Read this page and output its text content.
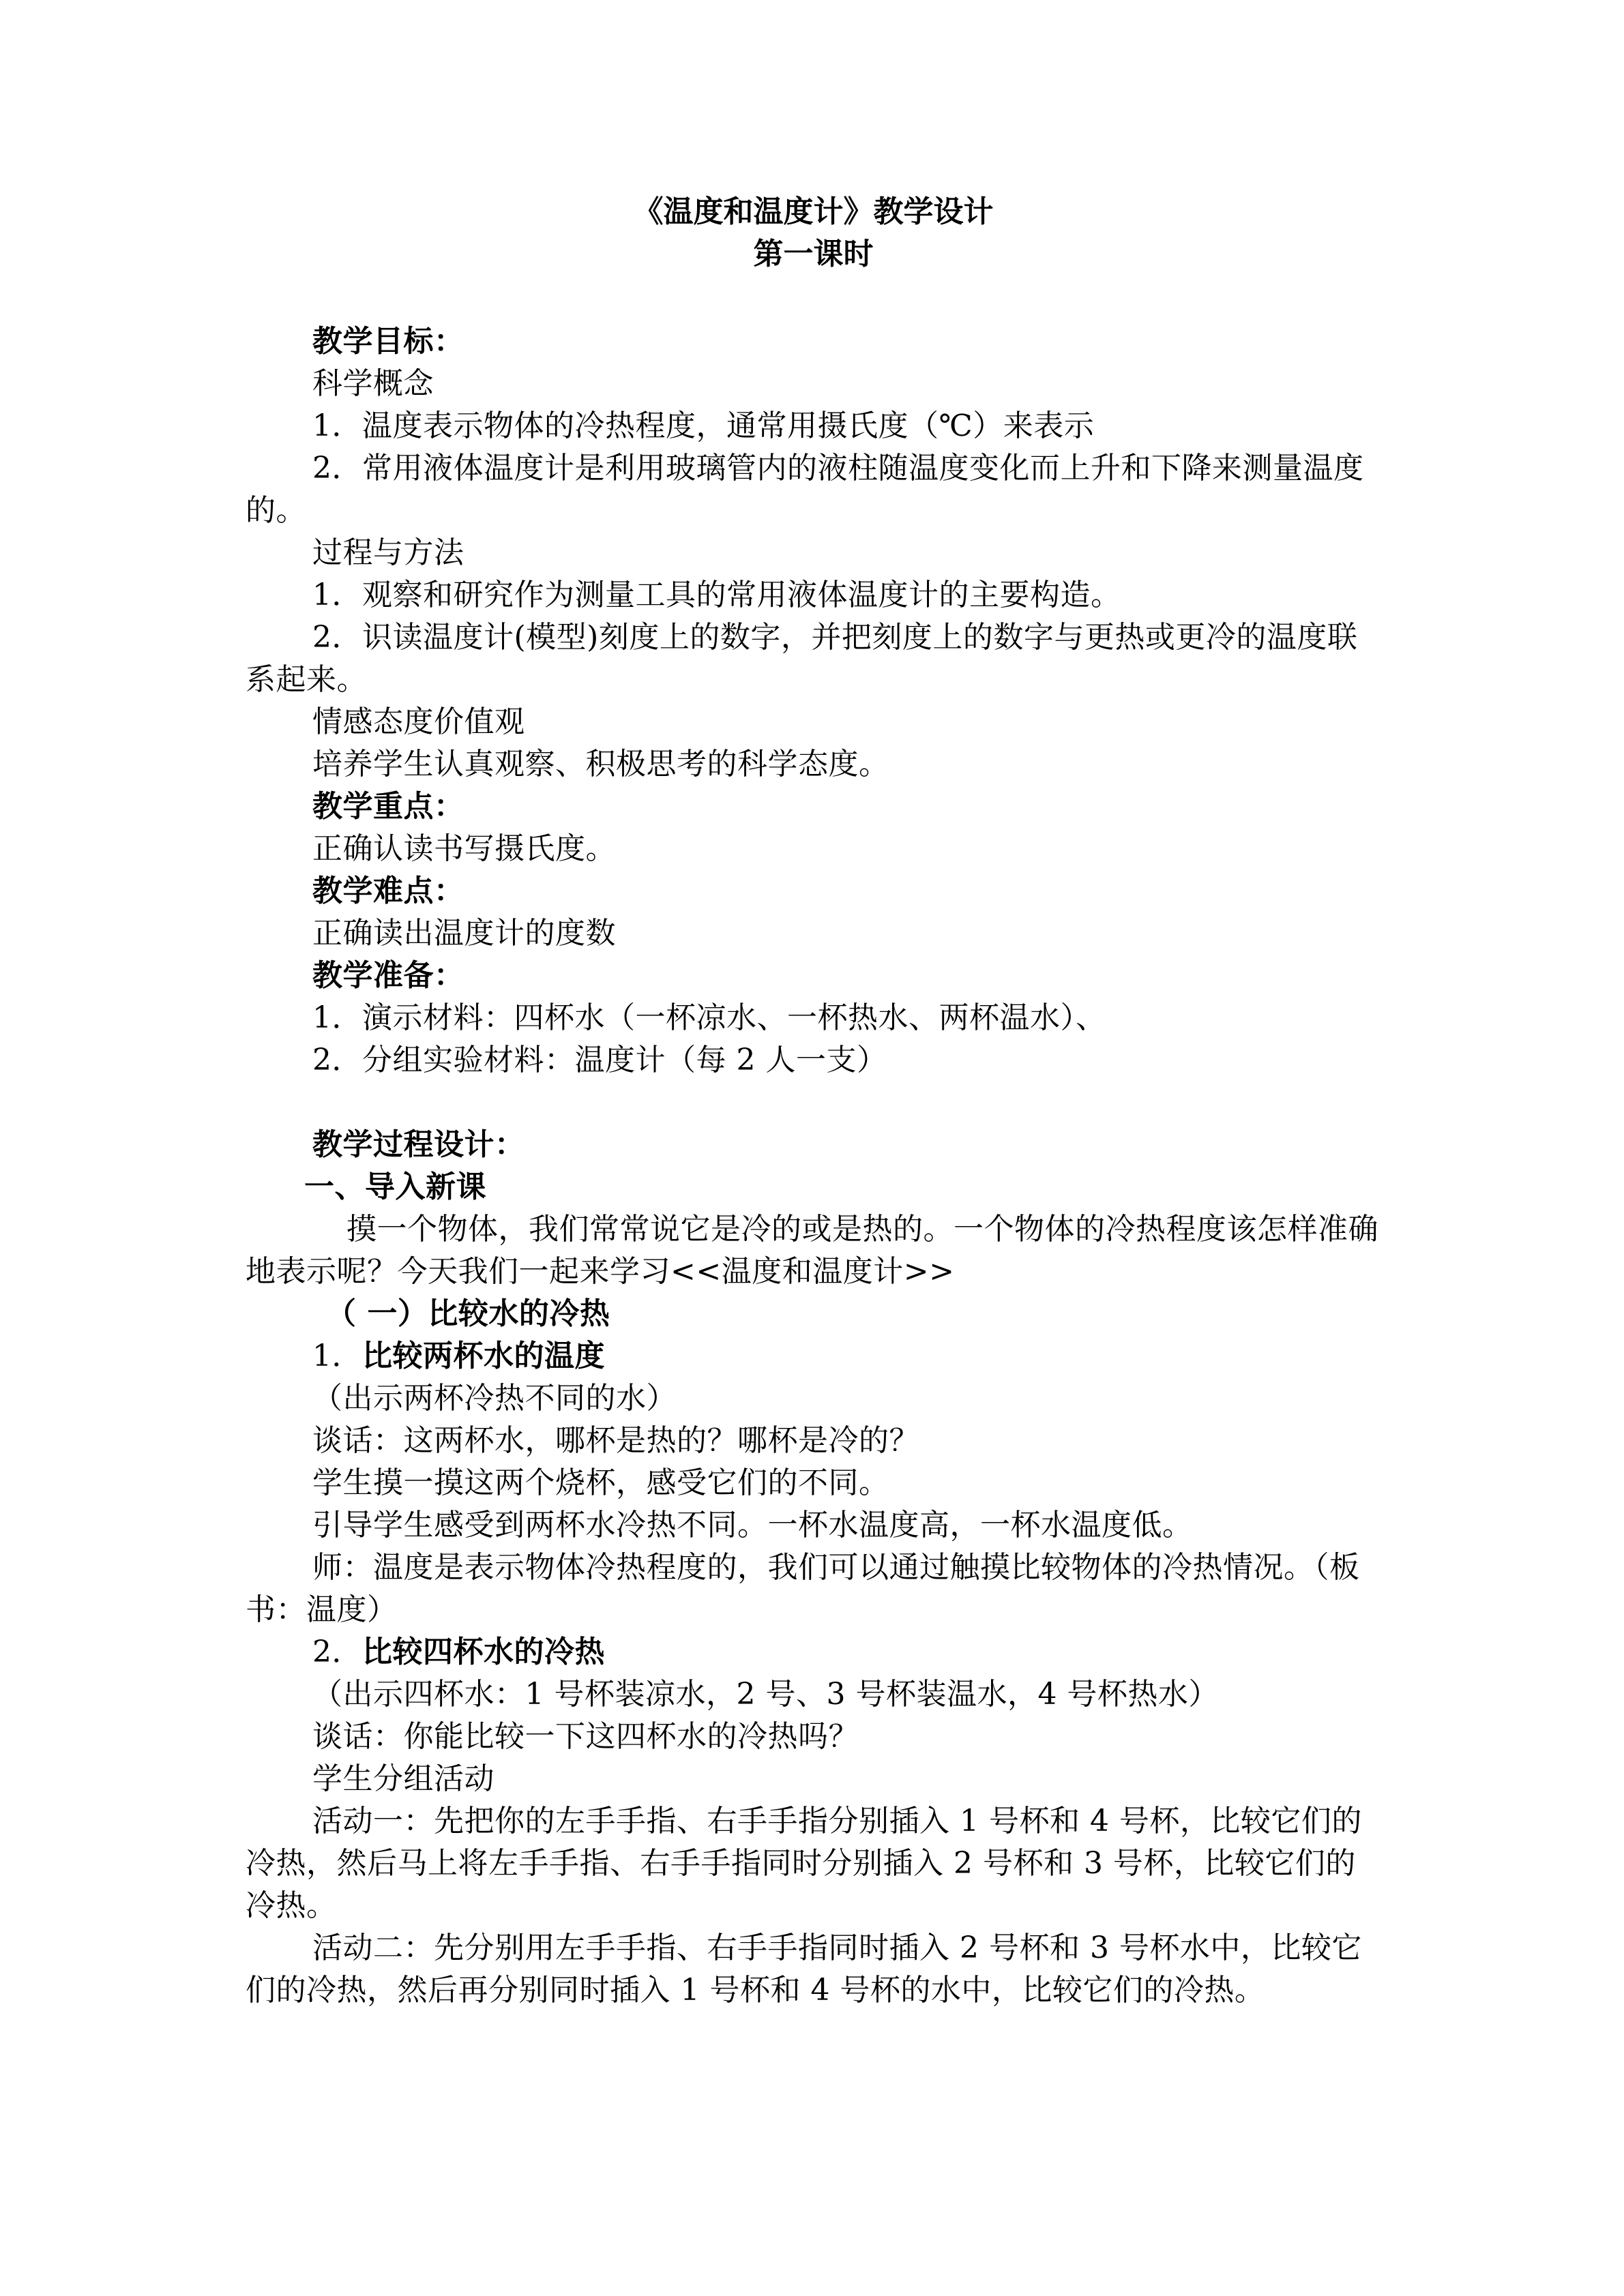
《温度和温度计》教学设计

第一课时

教学目标：

科学概念

1．温度表示物体的冷热程度，通常用摄氏度（℃）来表示

2．常用液体温度计是利用玻璃管内的液柱随温度变化而上升和下降来测量温度的。

过程与方法

1．观察和研究作为测量工具的常用液体温度计的主要构造。

2．识读温度计(模型)刻度上的数字，并把刻度上的数字与更热或更冷的温度联系起来。

情感态度价值观

培养学生认真观察、积极思考的科学态度。

教学重点：

正确认读书写摄氏度。

教学难点：

正确读出温度计的度数

教学准备：

1．演示材料：四杯水（一杯凉水、一杯热水、两杯温水）、

2．分组实验材料：温度计（每 2 人一支）

教学过程设计：

一、导入新课

摸一个物体，我们常常说它是冷的或是热的。一个物体的冷热程度该怎样准确地表示呢？今天我们一起来学习<<温度和温度计>>

（ 一）比较水的冷热

1．比较两杯水的温度

（出示两杯冷热不同的水）

谈话：这两杯水，哪杯是热的？哪杯是冷的？

学生摸一摸这两个烧杯，感受它们的不同。

引导学生感受到两杯水冷热不同。一杯水温度高，一杯水温度低。

师：温度是表示物体冷热程度的，我们可以通过触摸比较物体的冷热情况。（板书：温度）

2．比较四杯水的冷热

（出示四杯水：1 号杯装凉水，2 号、3 号杯装温水，4 号杯热水）

谈话：你能比较一下这四杯水的冷热吗？

学生分组活动

活动一：先把你的左手手指、右手手指分别插入 1 号杯和 4 号杯，比较它们的冷热，然后马上将左手手指、右手手指同时分别插入 2 号杯和 3 号杯，比较它们的冷热。

活动二：先分别用左手手指、右手手指同时插入 2 号杯和 3 号杯水中，比较它们的冷热，然后再分别同时插入 1 号杯和 4 号杯的水中，比较它们的冷热。
